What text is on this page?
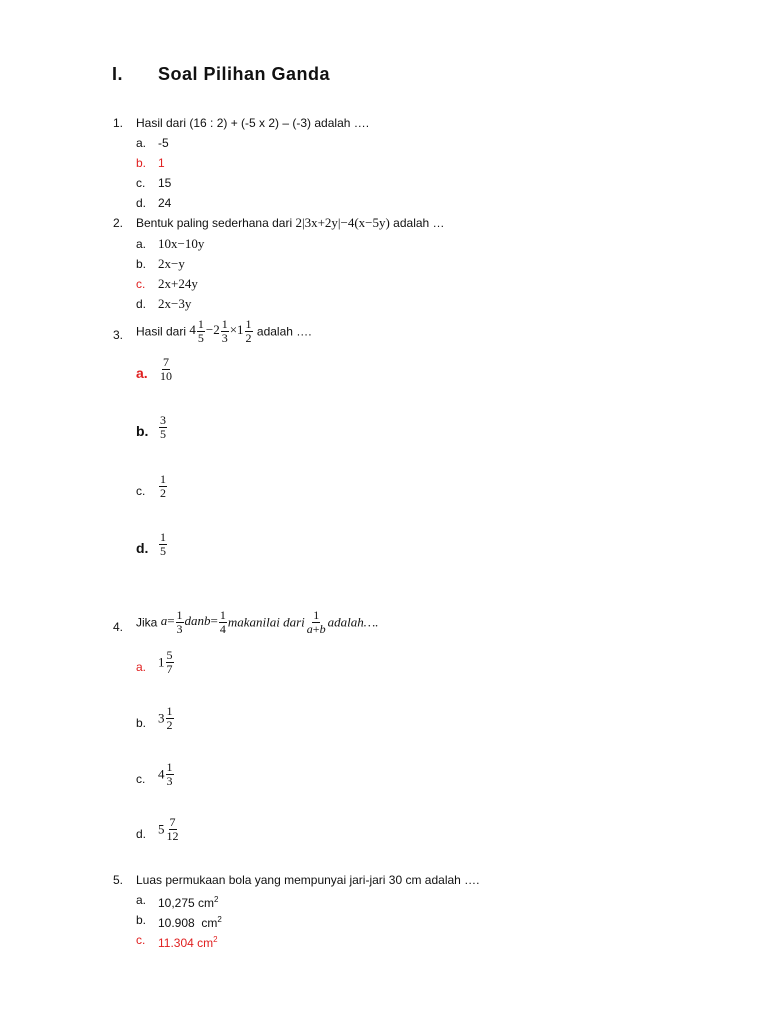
I. Soal Pilihan Ganda
1. Hasil dari (16 : 2) + (-5 x 2) – (-3) adalah ….
a. -5
b. 1
c. 15
d. 24
2. Bentuk paling sederhana dari 2|3x+2y|−4(x−5y) adalah …
a. 10x−10y
b. 2x−y
c. 2x+24y
d. 2x−3y
3. Hasil dari $4 \frac{1}{5} -2 \frac{1}{3} \times 1 \frac{1}{2}$ adalah ….
a. $\frac{7}{10}$
b. $\frac{3}{5}$
c. $\frac{1}{2}$
d. $\frac{1}{5}$
4. Jika $a= \frac{1}{3}$ danb= $\frac{1}{4}$ makanilai dari $\frac{1}{a+b}$ adalah….
a. $1 \frac{5}{7}$
b. $3 \frac{1}{2}$
c. $4 \frac{1}{3}$
d. $5 \frac{7}{12}$
5. Luas permukaan bola yang mempunyai jari-jari 30 cm adalah ….
a. 10,275 $cm^2$
b. 10.908 $cm^2$
c. 11.304 $cm^2$
